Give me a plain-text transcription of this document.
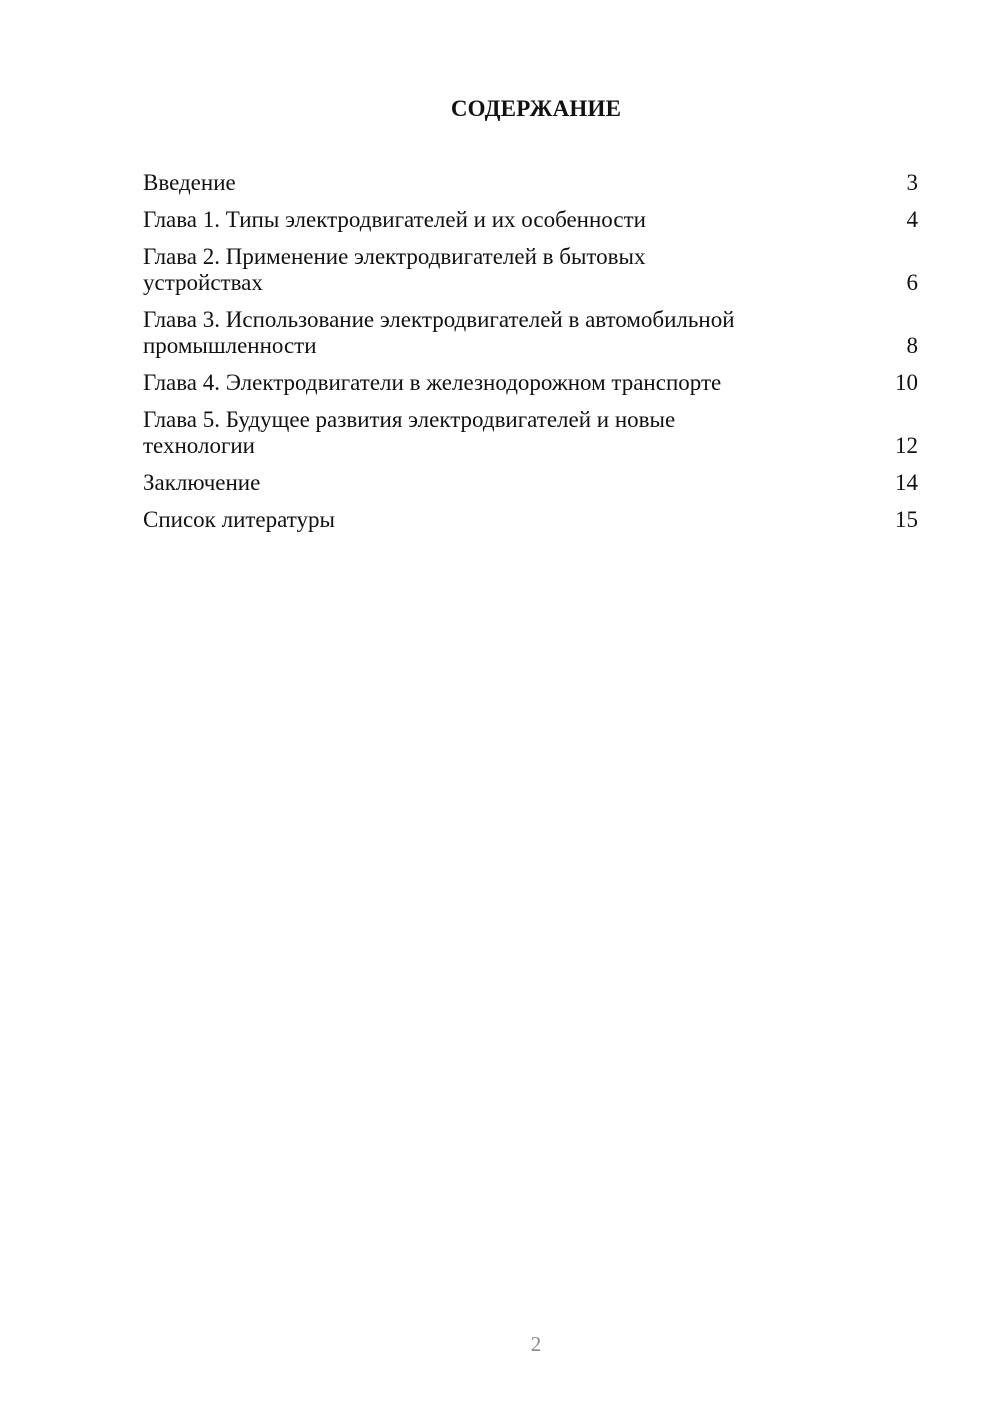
СОДЕРЖАНИЕ
Введение	3
Глава 1. Типы электродвигателей и их особенности	4
Глава 2. Применение электродвигателей в бытовых устройствах	6
Глава 3. Использование электродвигателей в автомобильной промышленности	8
Глава 4. Электродвигатели в железнодорожном транспорте	10
Глава 5. Будущее развития электродвигателей и новые технологии	12
Заключение	14
Список литературы	15
2
